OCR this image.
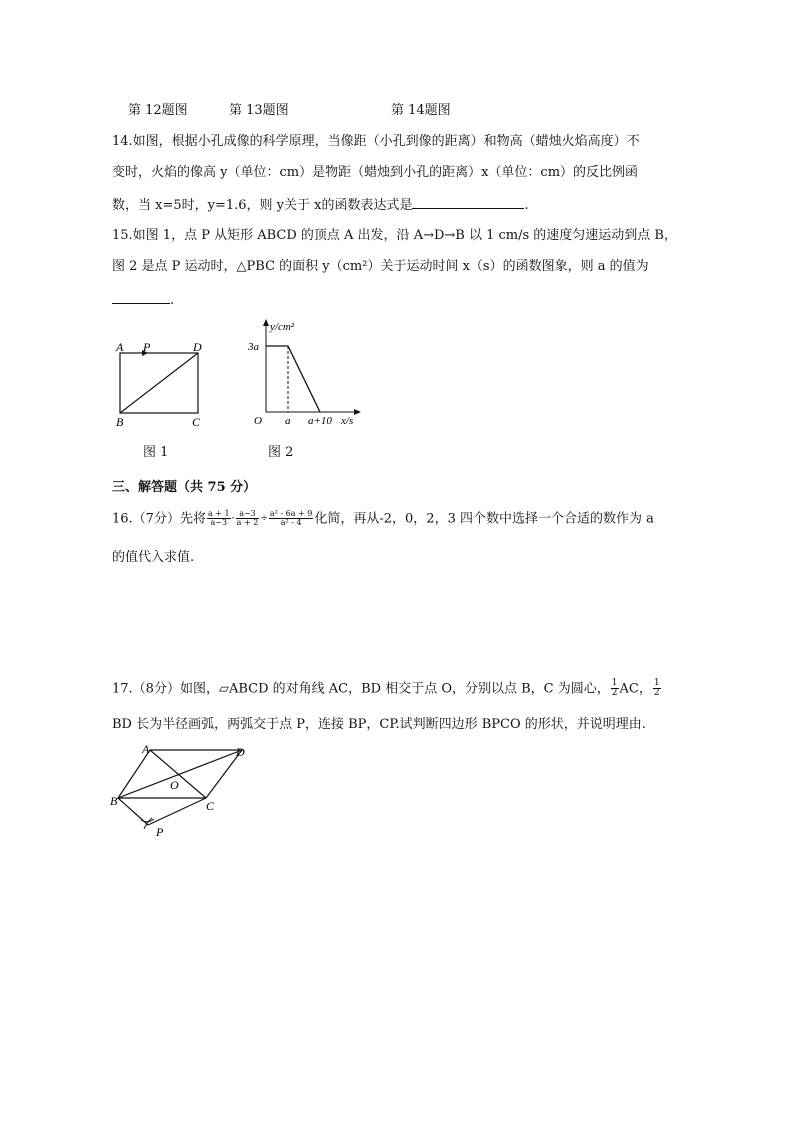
第 12题图	第 13题图	第 14题图
14.如图，根据小孔成像的科学原理，当像距（小孔到像的距离）和物高（蜡烛火焰高度）不
变时，火焰的像高 y（单位：cm）是物距（蜡烛到小孔的距离）x（单位：cm）的反比例函
数，当 x=5时，y=1.6，则 y关于 x的函数表达式是	.
15.如图 1，点 P 从矩形 ABCD 的顶点 A 出发，沿 A→D→B 以 1 cm/s 的速度匀速运动到点 B，
图 2 是点 P 运动时，△PBC 的面积 y（cm²）关于运动时间 x（s）的函数图象，则 a 的值为
.
A P	D
B	C
图 1
y/cm²
3a
O a a+10 x/s
图 2
三、解答题（共 75 分）
16.（7分）先将 $\frac{a + 1}{a-3} - \frac{a-3}{a + 2} \div \frac{\text{a² - 6a + 9}}{\text{a² - 4}}$ 化简，再从-2，0，2，3 四个数中选择一个合适的数作为 a
的值代入求值.
17.（8分）如图，▱ABCD 的对角线 AC，BD 相交于点 O，分别以点 B，C 为圆心， $\frac{1}{2}$ AC， $\frac{1}{2}$
BD 长为半径画弧，两弧交于点 P，连接 BP，CP.试判断四边形 BPCO 的形状，并说明理由.
A	D
O
B	C
P
